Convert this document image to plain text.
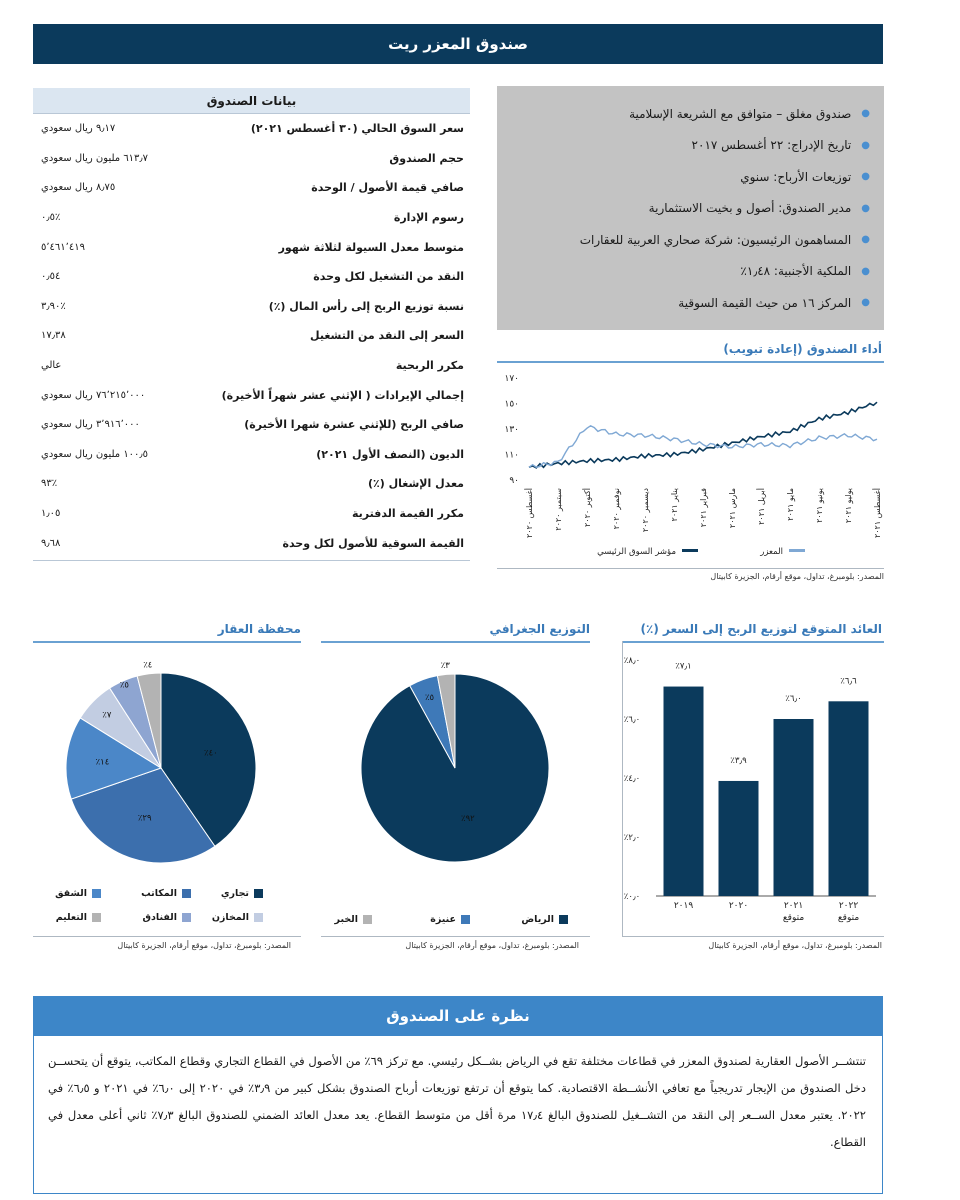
صندوق المعزر ريت
بيانات الصندوق
سعر السوق الحالي (٣٠ أغسطس ٢٠٢١)
٩٫١٧ ريال سعودي
حجم الصندوق
٦١٣٫٧ مليون ريال سعودي
صافي قيمة الأصول / الوحدة
٨٫٧٥ ريال سعودي
رسوم الإدارة
٪٠٫٥
متوسط معدل السيولة لثلاثة شهور
٥٬٤٦١٬٤١٩
النقد من التشغيل لكل وحدة
٠٫٥٤
نسبة توزيع الربح إلى رأس المال (٪)
٪٣٫٩٠
السعر إلى النقد من التشغيل
١٧٫٣٨
مكرر الربحية
عالي
إجمالي الإيرادات ( الإثني عشر شهراً الأخيرة)
٧٦٬٢١٥٬٠٠٠ ريال سعودي
صافي الربح (للإثني عشرة شهرا الأخيرة)
٣٬٩١٦٬٠٠٠ ريال سعودي
الديون (النصف الأول ٢٠٢١)
١٠٠٫٥ مليون ريال سعودي
معدل الإشغال (٪)
٪٩٣
مكرر القيمة الدفترية
١٫٠٥
القيمة السوقية للأصول لكل وحدة
٩٫٦٨
●
صندوق مغلق – متوافق مع الشريعة الإسلامية
●
تاريخ الإدراج: ٢٢ أغسطس ٢٠١٧
●
توزيعات الأرباح: سنوي
●
مدير الصندوق: أصول و بخيت الاستثمارية
●
المساهمون الرئيسيون: شركة صحاري العربية للعقارات
●
الملكية الأجنبية: ١٫٤٨٪
●
المركز ١٦ من حيث القيمة السوقية
أداء الصندوق (إعادة تبويب)
٩٠
١١٠
١٣٠
١٥٠
١٧٠
أغسطس ٢٠٢٠
سبتمبر ٢٠٢٠
أكتوبر ٢٠٢٠
نوفمبر ٢٠٢٠
ديسمبر ٢٠٢٠	يناير ٢٠٢١
فبراير ٢٠٢١
مارس ٢٠٢١
أبريل ٢٠٢١
مايو ٢٠٢١
يونيو ٢٠٢١
يوليو ٢٠٢١
أغسطس ٢٠٢١
مؤشر السوق الرئيسي	المعزر
المصدر: بلومبرغ، تداول، موقع أرقام، الجزيرة كابيتال
العائد المتوقع لتوزيع الربح إلى السعر (٪)
٪٠٫٠
٪٢٫٠
٪٤٫٠
٪٦٫٠
٪٨٫٠
٪٧٫١
٢٠١٩
٪٣٫٩
٢٠٢٠
٪٦٫٠
٢٠٢١
متوقع
٪٦٫٦
٢٠٢٢
متوقع
المصدر: بلومبرغ، تداول، موقع أرقام، الجزيرة كابيتال
التوزيع الجغرافي
٪٩٢
٪٥
٪٣
الرياض
عنيزة
الخبر
المصدر: بلومبرغ، تداول، موقع أرقام، الجزيرة كابيتال
محفظة العقار
٪٤٠
٪٢٩
٪١٤
٪٧
٪٥
٪٤
تجاري
المكاتب
الشقق
المخازن
الفنادق
التعليم
المصدر: بلومبرغ، تداول، موقع أرقام، الجزيرة كابيتال
نظرة على الصندوق
تنتشــر الأصول العقارية لصندوق المعزر في قطاعات مختلفة تقع في الرياض بشــكل رئيسي. مع تركز ٦٩٪ من الأصول في القطاع التجاري وقطاع المكاتب، يتوقع أن يتحســن دخل الصندوق من الإيجار تدريجياً مع تعافي الأنشــطة الاقتصادية. كما يتوقع أن ترتفع توزيعات أرباح الصندوق بشكل كبير من ٣٫٩٪ في ٢٠٢٠ إلى ٦٫٠٪ في ٢٠٢١ و ٦٫٥٪ في ٢٠٢٢. يعتبر معدل الســعر إلى النقد من التشــغيل للصندوق البالغ ١٧٫٤ مرة أقل من متوسط القطاع. يعد معدل العائد الضمني للصندوق البالغ ٧٫٣٪ ثاني أعلى معدل في القطاع.
